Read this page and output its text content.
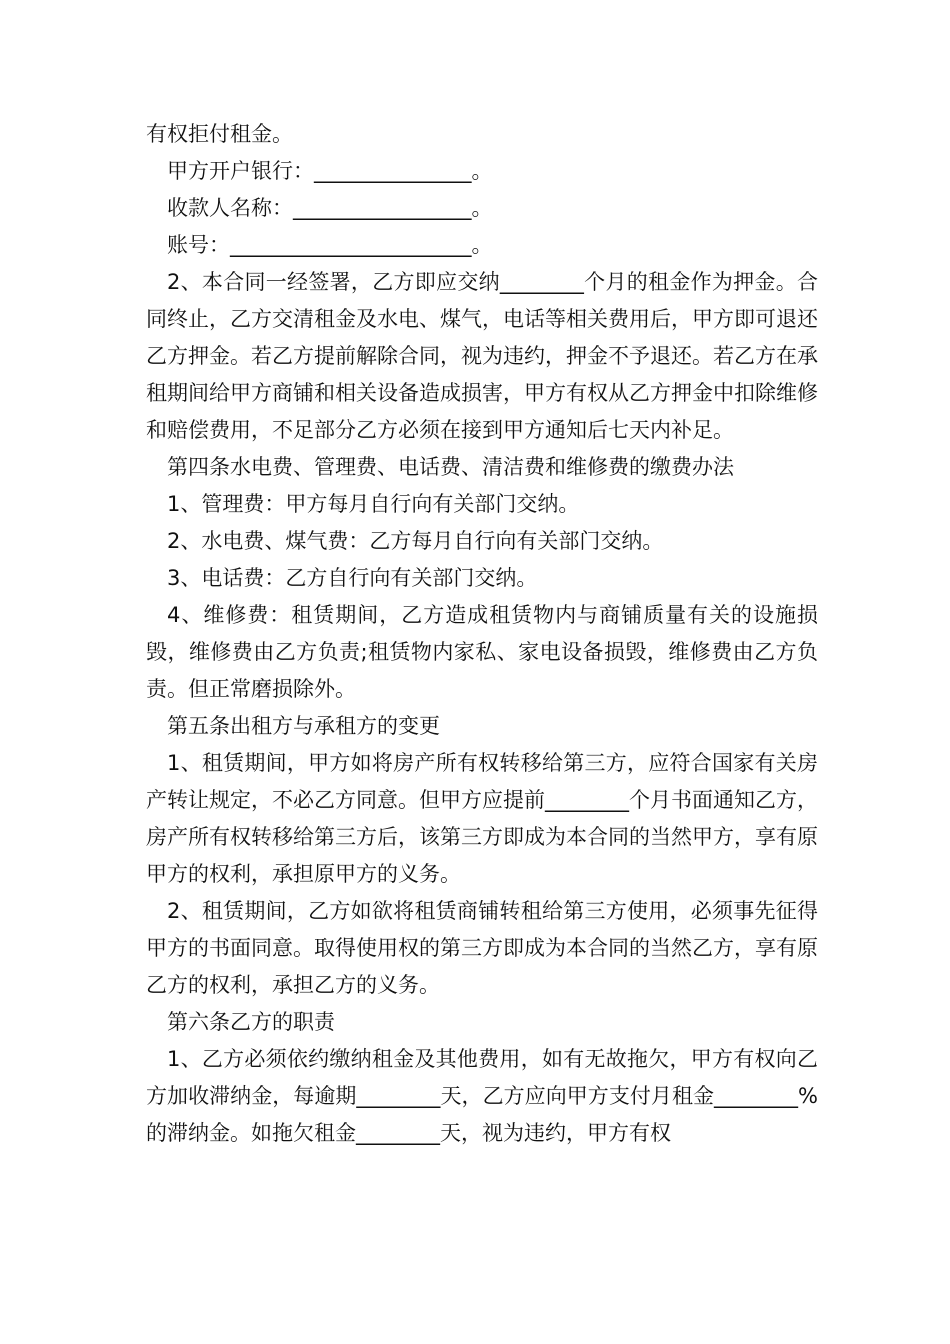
有权拒付租金。

甲方开户银行：_______________。

收款人名称：_________________。

账号：_______________________。

2、本合同一经签署，乙方即应交纳________个月的租金作为押金。合同终止，乙方交清租金及水电、煤气，电话等相关费用后，甲方即可退还乙方押金。若乙方提前解除合同，视为违约，押金不予退还。若乙方在承租期间给甲方商铺和相关设备造成损害，甲方有权从乙方押金中扣除维修和赔偿费用，不足部分乙方必须在接到甲方通知后七天内补足。

第四条水电费、管理费、电话费、清洁费和维修费的缴费办法

1、管理费：甲方每月自行向有关部门交纳。

2、水电费、煤气费：乙方每月自行向有关部门交纳。

3、电话费：乙方自行向有关部门交纳。

4、维修费：租赁期间，乙方造成租赁物内与商铺质量有关的设施损毁，维修费由乙方负责;租赁物内家私、家电设备损毁，维修费由乙方负责。但正常磨损除外。

第五条出租方与承租方的变更

1、租赁期间，甲方如将房产所有权转移给第三方，应符合国家有关房产转让规定，不必乙方同意。但甲方应提前________个月书面通知乙方，房产所有权转移给第三方后，该第三方即成为本合同的当然甲方，享有原甲方的权利，承担原甲方的义务。

2、租赁期间，乙方如欲将租赁商铺转租给第三方使用，必须事先征得甲方的书面同意。取得使用权的第三方即成为本合同的当然乙方，享有原乙方的权利，承担乙方的义务。

第六条乙方的职责

1、乙方必须依约缴纳租金及其他费用，如有无故拖欠，甲方有权向乙方加收滞纳金，每逾期________天，乙方应向甲方支付月租金________%的滞纳金。如拖欠租金________天，视为违约，甲方有权
